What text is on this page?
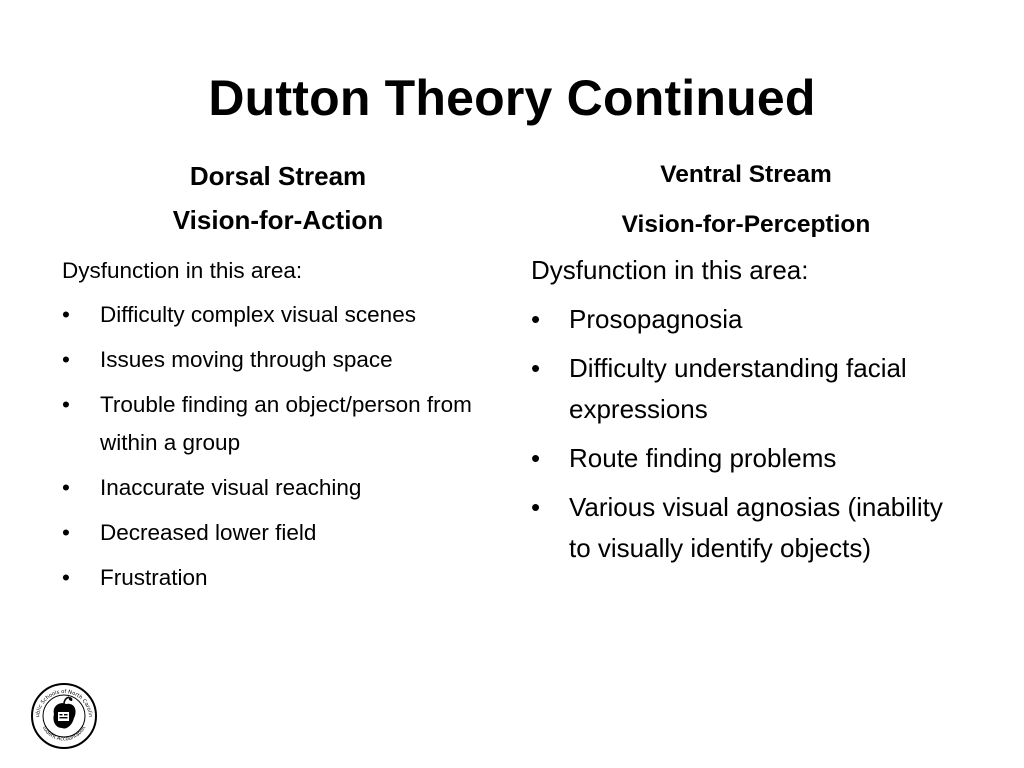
Dutton Theory Continued
Dorsal Stream
Vision-for-Action
Ventral Stream
Vision-for-Perception

Dysfunction in this area:

• Difficulty complex visual scenes
• Issues moving through space
• Trouble finding an object/person from within a group
• Inaccurate visual reaching
• Decreased lower field
• Frustration

Dysfunction in this area:

• Prosopagnosia
• Difficulty understanding facial expressions
• Route finding problems
• Various visual agnosias (inability to visually identify objects)
ublic Schools of North Carolin
tudent Accountabilit
